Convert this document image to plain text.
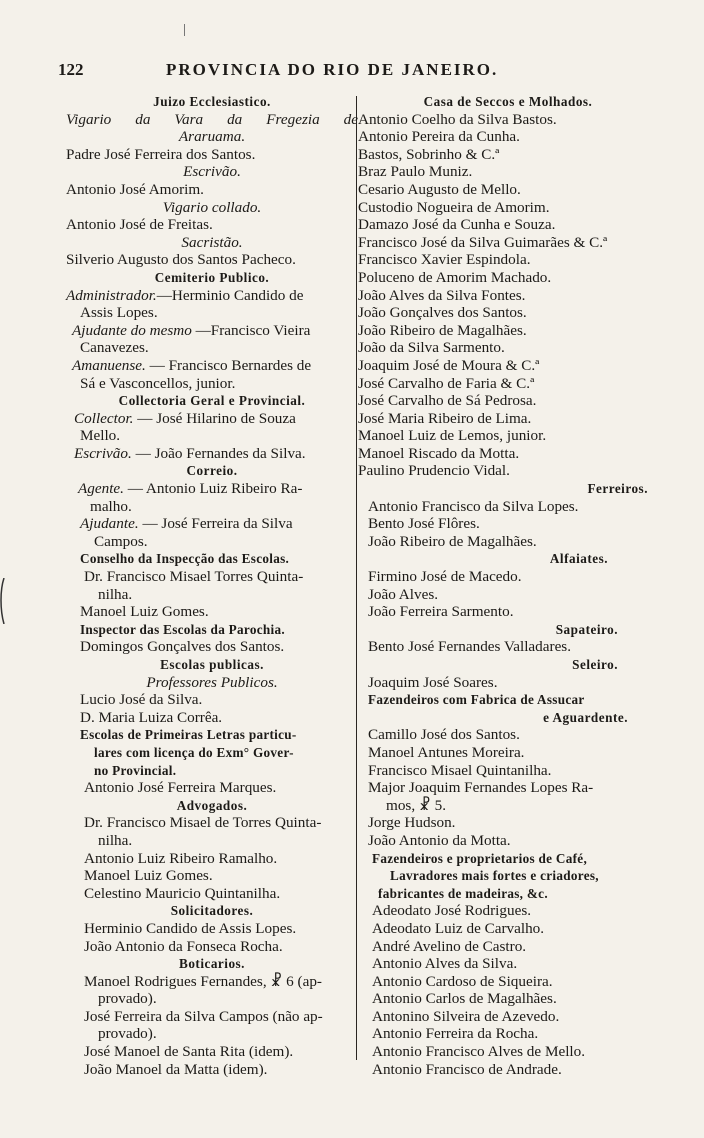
122	PROVINCIA DO RIO DE JANEIRO.
Juizo Ecclesiastico.
Vigario da Vara da Fregezia de
Araruama.
Padre José Ferreira dos Santos.
Escrivão.
Antonio José Amorim.
Vigario collado.
Antonio José de Freitas.
Sacristão.
Silverio Augusto dos Santos Pacheco.
Cemiterio Publico.
Administrador.—Herminio Candido de
Assis Lopes.
Ajudante do mesmo —Francisco Vieira
Canavezes.
Amanuense. — Francisco Bernardes de
Sá e Vasconcellos, junior.
Collectoria Geral e Provincial.
Collector. — José Hilarino de Souza
Mello.
Escrivão. — João Fernandes da Silva.
Correio.
Agente. — Antonio Luiz Ribeiro Ra-
malho.
Ajudante. — José Ferreira da Silva
Campos.
Conselho da Inspecção das Escolas.
Dr. Francisco Misael Torres Quinta-
nilha.
Manoel Luiz Gomes.
Inspector das Escolas da Parochia.
Domingos Gonçalves dos Santos.
Escolas publicas.
Professores Publicos.
Lucio José da Silva.
D. Maria Luiza Corrêa.
Escolas de Primeiras Letras particu-
lares com licença do Exm° Gover-
no Provincial.
Antonio José Ferreira Marques.
Advogados.
Dr. Francisco Misael de Torres Quinta-
nilha.
Antonio Luiz Ribeiro Ramalho.
Manoel Luiz Gomes.
Celestino Mauricio Quintanilha.
Solicitadores.
Herminio Candido de Assis Lopes.
João Antonio da Fonseca Rocha.
Boticarios.
Manoel Rodrigues Fernandes, ☧ 6 (ap-
provado).
José Ferreira da Silva Campos (não ap-
provado).
José Manoel de Santa Rita (idem).
João Manoel da Matta (idem).
Casa de Seccos e Molhados.
Antonio Coelho da Silva Bastos.
Antonio Pereira da Cunha.
Bastos, Sobrinho & C.ª
Braz Paulo Muniz.
Cesario Augusto de Mello.
Custodio Nogueira de Amorim.
Damazo José da Cunha e Souza.
Francisco José da Silva Guimarães & C.ª
Francisco Xavier Espindola.
Poluceno de Amorim Machado.
João Alves da Silva Fontes.
João Gonçalves dos Santos.
João Ribeiro de Magalhães.
João da Silva Sarmento.
Joaquim José de Moura & C.ª
José Carvalho de Faria & C.ª
José Carvalho de Sá Pedrosa.
José Maria Ribeiro de Lima.
Manoel Luiz de Lemos, junior.
Manoel Riscado da Motta.
Paulino Prudencio Vidal.
Ferreiros.
Antonio Francisco da Silva Lopes.
Bento José Flôres.
João Ribeiro de Magalhães.
Alfaiates.
Firmino José de Macedo.
João Alves.
João Ferreira Sarmento.
Sapateiro.
Bento José Fernandes Valladares.
Seleiro.
Joaquim José Soares.
Fazendeiros com Fabrica de Assucar
e Aguardente.
Camillo José dos Santos.
Manoel Antunes Moreira.
Francisco Misael Quintanilha.
Major Joaquim Fernandes Lopes Ra-
mos, ☧ 5.
Jorge Hudson.
João Antonio da Motta.
Fazendeiros e proprietarios de Café,
Lavradores mais fortes e criadores,
fabricantes de madeiras, &c.
Adeodato José Rodrigues.
Adeodato Luiz de Carvalho.
André Avelino de Castro.
Antonio Alves da Silva.
Antonio Cardoso de Siqueira.
Antonio Carlos de Magalhães.
Antonino Silveira de Azevedo.
Antonio Ferreira da Rocha.
Antonio Francisco Alves de Mello.
Antonio Francisco de Andrade.
